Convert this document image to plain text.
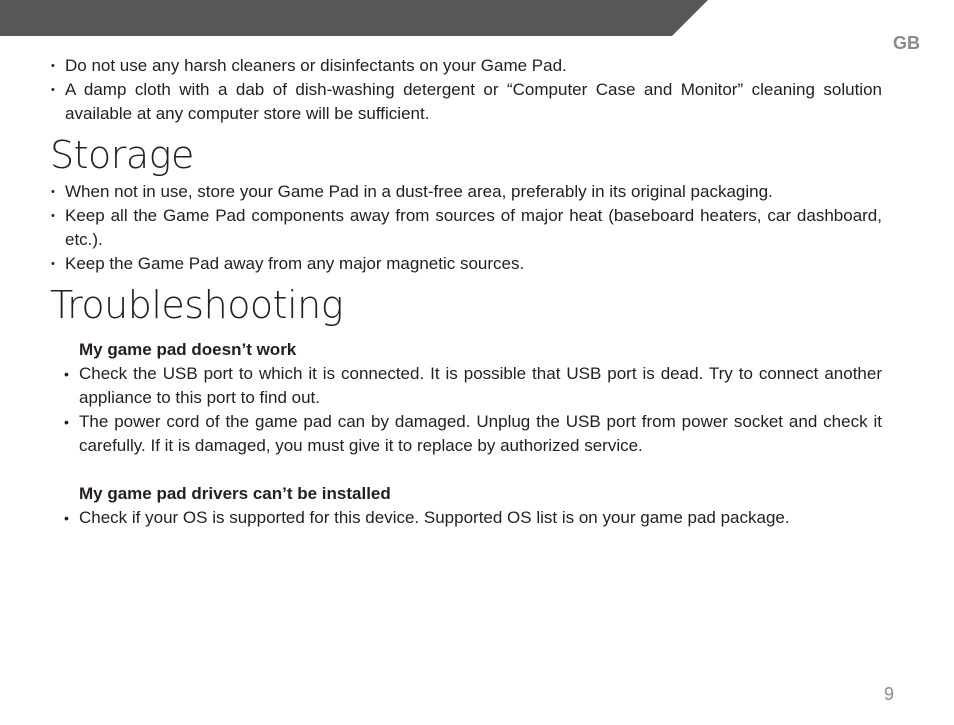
GB
• Do not use any harsh cleaners or disinfectants on your Game Pad.
• A damp cloth with a dab of dish-washing detergent or “Computer Case and Monitor” cleaning solution available at any computer store will be sufficient.
Storage
• When not in use, store your Game Pad in a dust-free area, preferably in its original packaging.
• Keep all the Game Pad components away from sources of major heat (baseboard heaters, car dashboard, etc.).
• Keep the Game Pad away from any major magnetic sources.
Troubleshooting
My game pad doesn’t work
• Check the USB port to which it is connected. It is possible that USB port is dead. Try to connect another appliance to this port to find out.
• The power cord of the game pad can by damaged. Unplug the USB port from power socket and check it carefully. If it is damaged, you must give it to replace by authorized service.
My game pad drivers can’t be installed
• Check if your OS is supported for this device. Supported OS list is on your game pad package.
9
